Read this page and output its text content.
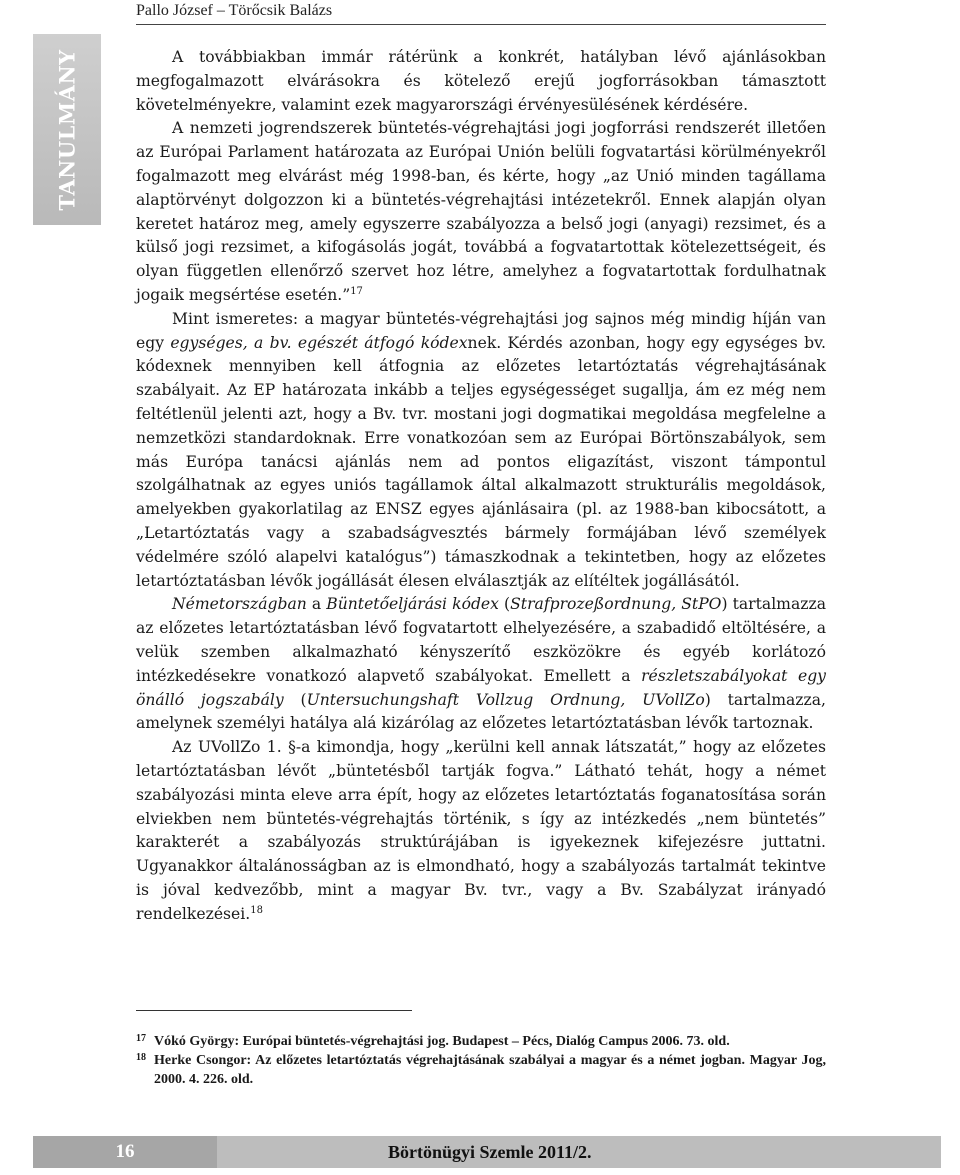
Pallo József – Törőcsik Balázs
TANULMÁNY	A továbbiakban immár rátérünk a konkrét, hatályban lévő ajánlásokban megfogalmazott elvárásokra és kötelező erejű jogforrásokban támasztott követelményekre, valamint ezek magyarországi érvényesülésének kérdésére.

A nemzeti jogrendszerek büntetés-végrehajtási jogi jogforrási rendszerét illetően az Európai Parlament határozata az Európai Unión belüli fogvatartási körülményekről fogalmazott meg elvárást még 1998-ban, és kérte, hogy „az Unió minden tagállama alaptörvényt dolgozzon ki a büntetés-végrehajtási intézetekről. Ennek alapján olyan keretet határoz meg, amely egyszerre szabályozza a belső jogi (anyagi) rezsimet, és a külső jogi rezsimet, a kifogásolás jogát, továbbá a fogvatartottak kötelezettségeit, és olyan független ellenőrző szervet hoz létre, amelyhez a fogvatartottak fordulhatnak jogaik megsértése esetén.”$^{17}$

Mint ismeretes: a magyar büntetés-végrehajtási jog sajnos még mindig híján van egy egységes, a bv. egészét átfogó kódexnek. Kérdés azonban, hogy egy egységes bv. kódexnek mennyiben kell átfognia az előzetes letartóztatás végrehajtásának szabályait. Az EP határozata inkább a teljes egységességet sugallja, ám ez még nem feltétlenül jelenti azt, hogy a Bv. tvr. mostani jogi dogmatikai megoldása megfelelne a nemzetközi standardoknak. Erre vonatkozóan sem az Európai Börtönszabályok, sem más Európa tanácsi ajánlás nem ad pontos eligazítást, viszont támpontul szolgálhatnak az egyes uniós tagállamok által alkalmazott strukturális megoldások, amelyekben gyakorlatilag az ENSZ egyes ajánlásaira (pl. az 1988-ban kibocsátott, a „Letartóztatás vagy a szabadságvesztés bármely formájában lévő személyek védelmére szóló alapelvi katalógus”) támaszkodnak a tekintetben, hogy az előzetes letartóztatásban lévők jogállását élesen elválasztják az elítéltek jogállásától.

Németországban a Büntetőeljárási kódex (Strafprozeßordnung, StPO) tartalmazza az előzetes letartóztatásban lévő fogvatartott elhelyezésére, a szabadidő eltöltésére, a velük szemben alkalmazható kényszerítő eszközökre és egyéb korlátozó intézkedésekre vonatkozó alapvető szabályokat. Emellett a részletszabályokat egy önálló jogszabály (Untersuchungshaft Vollzug Ordnung, UVollZo) tartalmazza, amelynek személyi hatálya alá kizárólag az előzetes letartóztatásban lévők tartoznak.

Az UVollZo 1. §-a kimondja, hogy „kerülni kell annak látszatát,” hogy az előzetes letartóztatásban lévőt „büntetésből tartják fogva.” Látható tehát, hogy a német szabályozási minta eleve arra épít, hogy az előzetes letartóztatás foganatosítása során elviekben nem büntetés-végrehajtás történik, s így az intézkedés „nem büntetés” karakterét a szabályozás struktúrájában is igyekeznek kifejezésre juttatni. Ugyanakkor általánosságban az is elmondható, hogy a szabályozás tartalmát tekintve is jóval kedvezőbb, mint a magyar Bv. tvr., vagy a Bv. Szabályzat irányadó rendelkezései.$^{18}$

17 Vókó György: Európai büntetés-végrehajtási jog. Budapest – Pécs, Dialóg Campus 2006. 73. old.
18 Herke Csongor: Az előzetes letartóztatás végrehajtásának szabályai a magyar és a német jogban. Magyar Jog, 2000. 4. 226. old.
16	Börtönügyi Szemle 2011/2.
